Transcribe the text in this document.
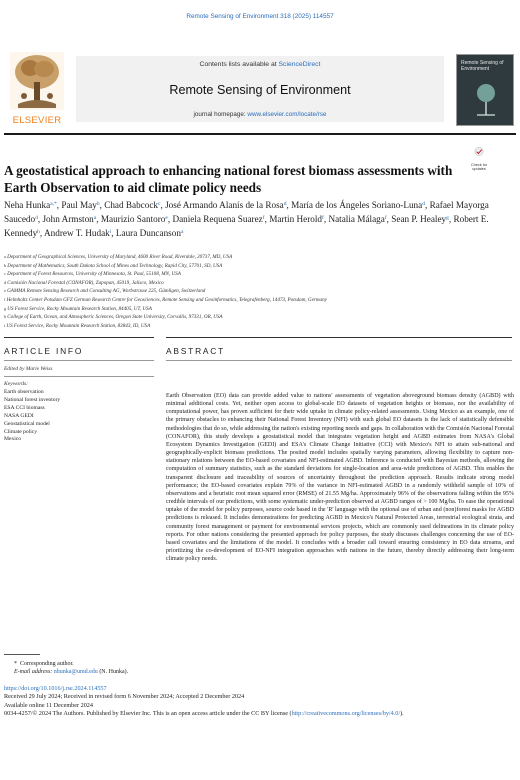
Remote Sensing of Environment 318 (2025) 114557
ELSEVIER
Contents lists available at ScienceDirect
Remote Sensing of Environment
journal homepage: www.elsevier.com/locate/rse
Remote Sensing of Environment
Check for updates
A geostatistical approach to enhancing national forest biomass assessments with Earth Observation to aid climate policy needs
Neha Hunka$^{a,*}$, Paul May$^b$, Chad Babcock$^c$, José Armando Alanís de la Rosa$^d$, María de los Ángeles Soriano-Luna$^d$, Rafael Mayorga Saucedo$^d$, John Armston$^a$, Maurizio Santoro$^e$, Daniela Requena Suarez$^f$, Martin Herold$^f$, Natalia Málaga$^f$, Sean P. Healey$^g$, Robert E. Kennedy$^h$, Andrew T. Hudak$^i$, Laura Duncanson$^a$
$^a$ Department of Geographical Sciences, University of Maryland, 4600 River Road, Riverdale, 20737, MD, USA
$^b$ Department of Mathematics, South Dakota School of Mines and Technology, Rapid City, 57701, SD, USA
$^c$ Department of Forest Resources, University of Minnesota, St. Paul, 55108, MN, USA
$^d$ Comisión Nacional Forestal (CONAFOR), Zapopan, 45019, Jalisco, Mexico
$^e$ GAMMA Remote Sensing Research and Consulting AG, Worbstrasse 225, Gümligen, Switzerland
$^f$ Helmholtz Center Potsdam GFZ German Research Centre for Geosciences, Remote Sensing and Geoinformatics, Telegrafenberg, 14473, Potsdam, Germany
$^g$ US Forest Service, Rocky Mountain Research Station, 84405, UT, USA
$^h$ College of Earth, Ocean, and Atmospheric Sciences, Oregon State University, Corvallis, 97331, OR, USA
$^i$ US Forest Service, Rocky Mountain Research Station, 83843, ID, USA
ARTICLE INFO	ABSTRACT
Edited by Marie Weiss
Keywords:
Earth observation
National forest inventory
ESA CCI biomass
NASA GEDI
Geostatistical model
Climate policy
Mexico

Earth Observation (EO) data can provide added value to nations' assessments of vegetation aboveground biomass density (AGBD) with minimal additional costs. Yet, neither open access to global-scale EO datasets of vegetation heights or biomass, nor the availability of computational power, has proven sufficient for their wide uptake in climate policy-related assessments. Using Mexico as an example, one of the primary obstacles to enhancing their National Forest Inventory (NFI) with such global EO datasets is the lack of statistically defensible methodologies that do so, while addressing the nation's existing reporting needs and gaps. In collaboration with the Comisión Nacional Forestal (CONAFOR), this study develops a geostatistical model that integrates vegetation height and AGBD estimates from NASA's Global Ecosystem Dynamics Investigation (GEDI) and ESA's Climate Change Initiative (CCI) with Mexico's NFI to attain sub-national and geographically-explicit biomass predictions. The posited model includes spatially varying parameters, allowing flexibility to capture non-stationary relations between the EO-based covariates and NFI-estimated AGBD. Inference is conducted with Bayesian methods, allowing the computation of summary statistics, such as the standard deviations for single-location and area-wide predictions of AGBD. This enables the transparent disclosure and traceability of sources of uncertainty throughout the prediction approach. Results indicate strong model performance; the EO-based covariates explain 79% of the variance in NFI-estimated AGBD in a randomly withheld sample of 10% of observations and a heuristic root mean squared error (RMSE) of 21.55 Mg/ha. Approximately 96% of the observations falling within the 95% credible intervals of our predictions, with some systematic under-prediction observed at AGBD ranges of > 100 Mg/ha. To ease the operational uptake of the model for policy purposes, source code based in the 'R' language with the optional use of urban and (non)forest masks for AGBD predictions is released. It includes demonstrations for predicting AGBD in Mexico's Natural Protected Areas, terrestrial ecological strata, and community forest management or payment for environmental services projects, which are commonly used delineations in its climate policy reports. For other nations considering the presented approach for policy purposes, the study discusses challenges concerning the use of EO-based covariates and the limitations of the model. It concludes with a broader call toward ensuring consistency in EO data streams, and prioritizing the co-development of EO-NFI integration approaches with nations in the future, thereby directly addressing their long-term climate policy needs.

* Corresponding author.
E-mail address: nhunka@umd.edu (N. Hunka).
https://doi.org/10.1016/j.rse.2024.114557
Received 29 July 2024; Received in revised form 6 November 2024; Accepted 2 December 2024
Available online 11 December 2024
0034-4257/© 2024 The Authors. Published by Elsevier Inc. This is an open access article under the CC BY license (http://creativecommons.org/licenses/by/4.0/).
